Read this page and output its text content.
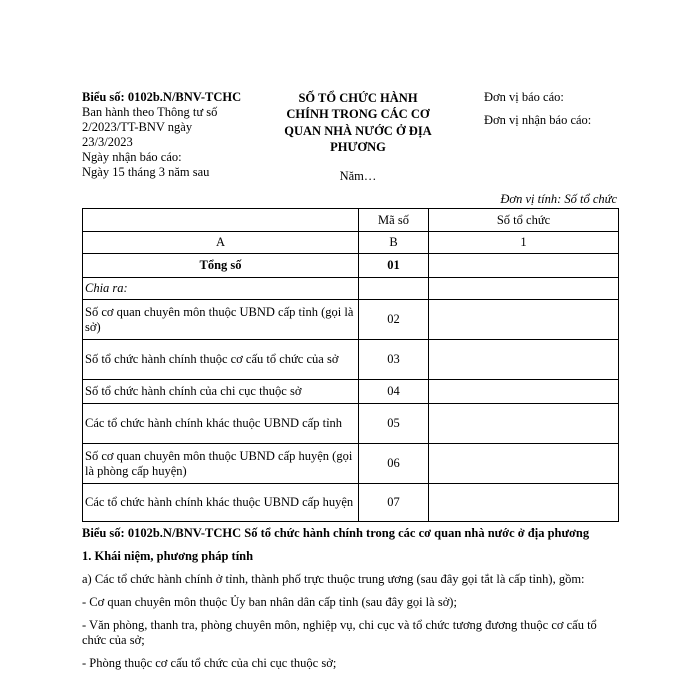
Biểu số: 0102b.N/BNV-TCHC
Ban hành theo Thông tư số
2/2023/TT-BNV ngày
23/3/2023
Ngày nhận báo cáo:
Ngày 15 tháng 3 năm sau
SỐ TỔ CHỨC HÀNH
CHÍNH TRONG CÁC CƠ
QUAN NHÀ NƯỚC Ở ĐỊA
PHƯƠNG
Năm…
Đơn vị báo cáo:
Đơn vị nhận báo cáo:
Đơn vị tính: Số tổ chức
	Mã số	Số tổ chức
A	B	1
Tổng số	01	
Chia ra:		
Số cơ quan chuyên môn thuộc UBND cấp tỉnh (gọi là sở)	02	
Số tổ chức hành chính thuộc cơ cấu tổ chức của sở	03	
Số tổ chức hành chính của chi cục thuộc sở	04	
Các tổ chức hành chính khác thuộc UBND cấp tỉnh	05	
Số cơ quan chuyên môn thuộc UBND cấp huyện (gọi là phòng cấp huyện)	06	
Các tổ chức hành chính khác thuộc UBND cấp huyện	07	

Biểu số: 0102b.N/BNV-TCHC Số tổ chức hành chính trong các cơ quan nhà nước ở địa phương

1. Khái niệm, phương pháp tính

a) Các tổ chức hành chính ở tỉnh, thành phố trực thuộc trung ương (sau đây gọi tắt là cấp tỉnh), gồm:

- Cơ quan chuyên môn thuộc Ủy ban nhân dân cấp tỉnh (sau đây gọi là sở);

- Văn phòng, thanh tra, phòng chuyên môn, nghiệp vụ, chi cục và tổ chức tương đương thuộc cơ cấu tổ chức của sở;

- Phòng thuộc cơ cấu tổ chức của chi cục thuộc sở;
